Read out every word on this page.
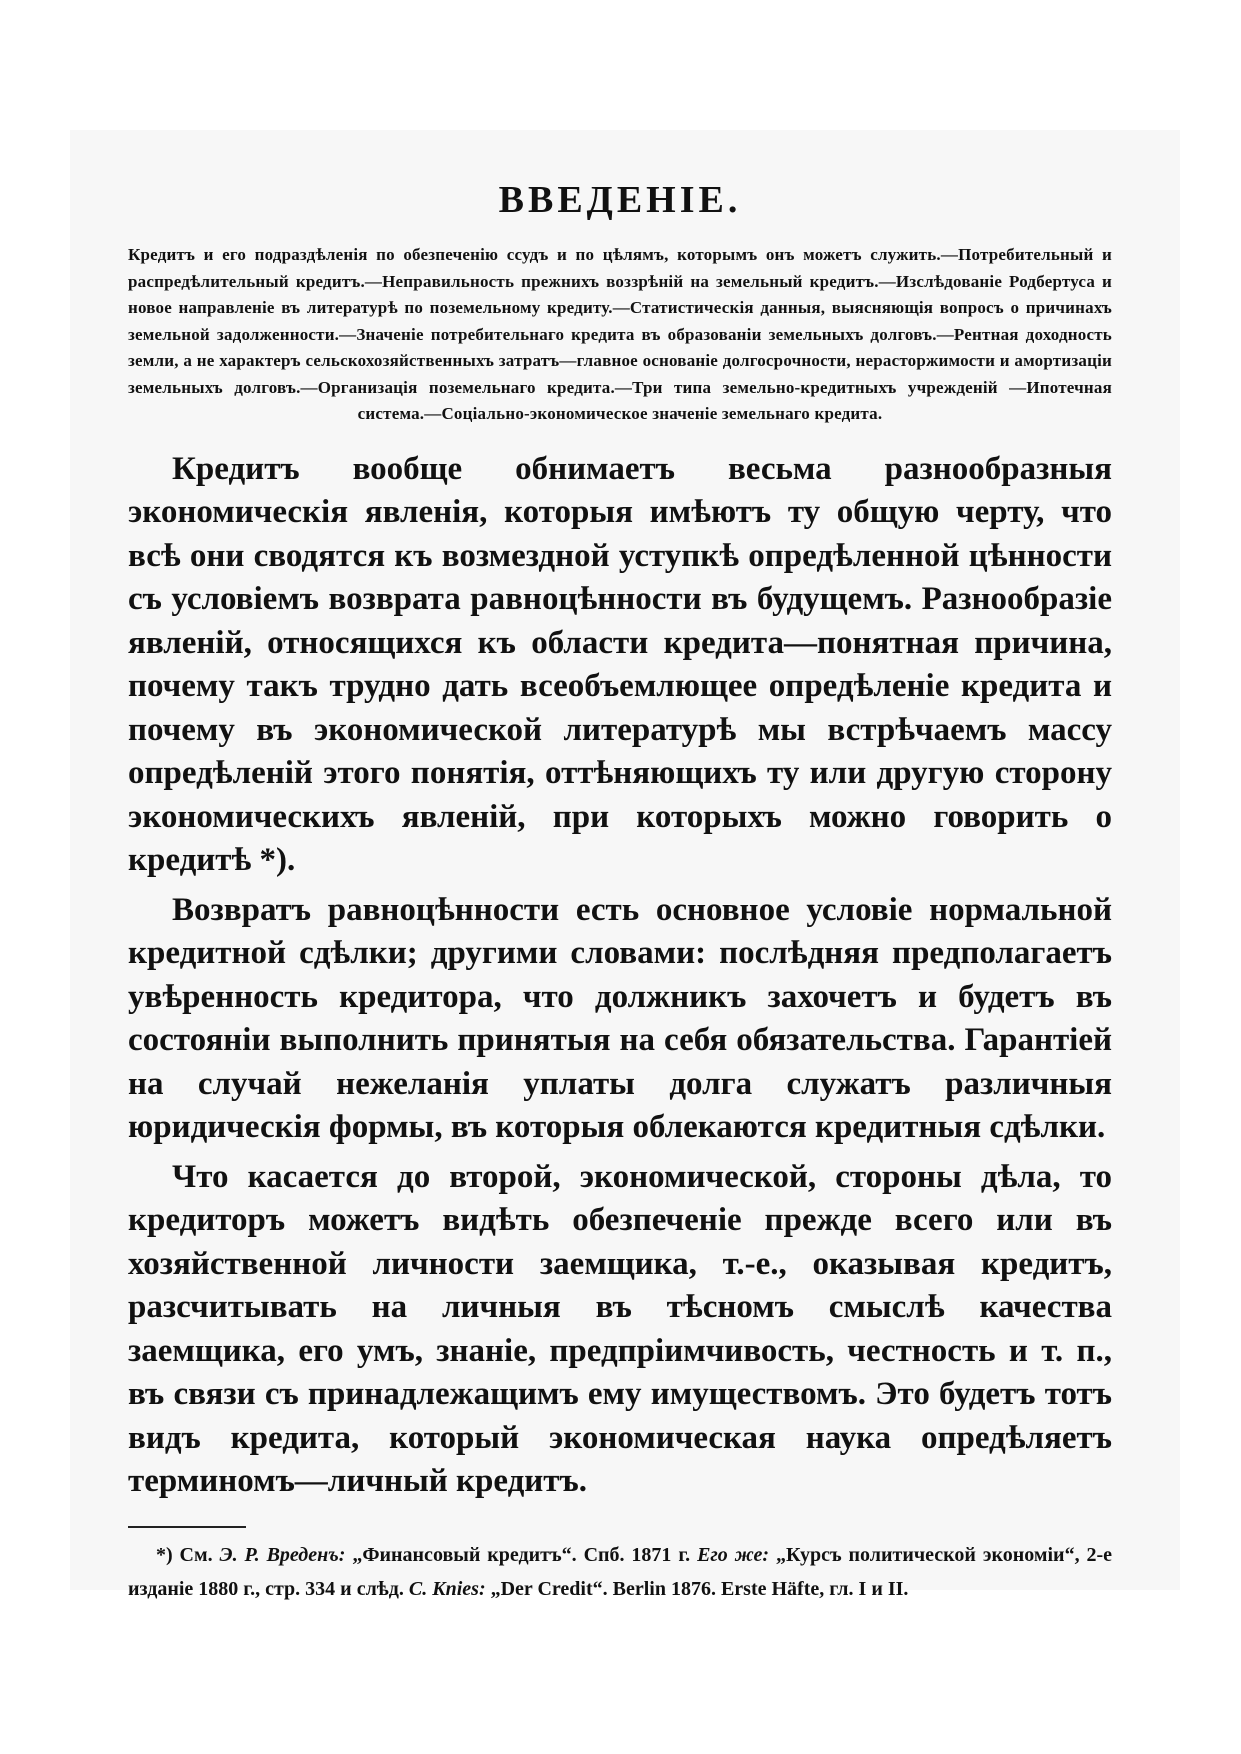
ВВЕДЕНІЕ.
Кредитъ и его подраздѣленія по обезпеченію ссудъ и по цѣлямъ, которымъ онъ можетъ служить.—Потребительный и распредѣлительный кредитъ.—Неправильность прежнихъ воззрѣній на земельный кредитъ.—Изслѣдованіе Родбертуса и новое направленіе въ литературѣ по поземельному кредиту.—Статистическія данныя, выясняющія вопросъ о причинахъ земельной задолженности.—Значеніе потребительнаго кредита въ образованіи земельныхъ долговъ.—Рентная доходность земли, а не характеръ сельскохозяйственныхъ затратъ—главное основаніе долгосрочности, нерасторжимости и амортизаціи земельныхъ долговъ.—Организація поземельнаго кредита.—Три типа земельно-кредитныхъ учрежденій —Ипотечная система.—Соціально-экономическое значеніе земельнаго кредита.

Кредитъ вообще обнимаетъ весьма разнообразныя экономическія явленія, которыя имѣютъ ту общую черту, что всѣ они сводятся къ возмездной уступкѣ опредѣленной цѣнности съ условіемъ возврата равноцѣнности въ будущемъ. Разнообразіе явленій, относящихся къ области кредита—понятная причина, почему такъ трудно дать всеобъемлющее опредѣленіе кредита и почему въ экономической литературѣ мы встрѣчаемъ массу опредѣленій этого понятія, оттѣняющихъ ту или другую сторону экономическихъ явленій, при которыхъ можно говорить о кредитѣ *).

Возвратъ равноцѣнности есть основное условіе нормальной кредитной сдѣлки; другими словами: послѣдняя предполагаетъ увѣренность кредитора, что должникъ захочетъ и будетъ въ состояніи выполнить принятыя на себя обязательства. Гарантіей на случай нежеланія уплаты долга служатъ различныя юридическія формы, въ которыя облекаются кредитныя сдѣлки.

Что касается до второй, экономической, стороны дѣла, то кредиторъ можетъ видѣть обезпеченіе прежде всего или въ хозяйственной личности заемщика, т.-е., оказывая кредитъ, разсчитывать на личныя въ тѣсномъ смыслѣ качества заемщика, его умъ, знаніе, предпріимчивость, честность и т. п., въ связи съ принадлежащимъ ему имуществомъ. Это будетъ тотъ видъ кредита, который экономическая наука опредѣляетъ терминомъ—личный кредитъ.

*) См. Э. Р. Вреденъ: „Финансовый кредитъ“. Спб. 1871 г. Его же: „Курсъ политической экономіи“, 2-е изданіе 1880 г., стр. 334 и слѣд. С. Knies: „Der Credit“. Berlin 1876. Erste Häfte, гл. I и II.
